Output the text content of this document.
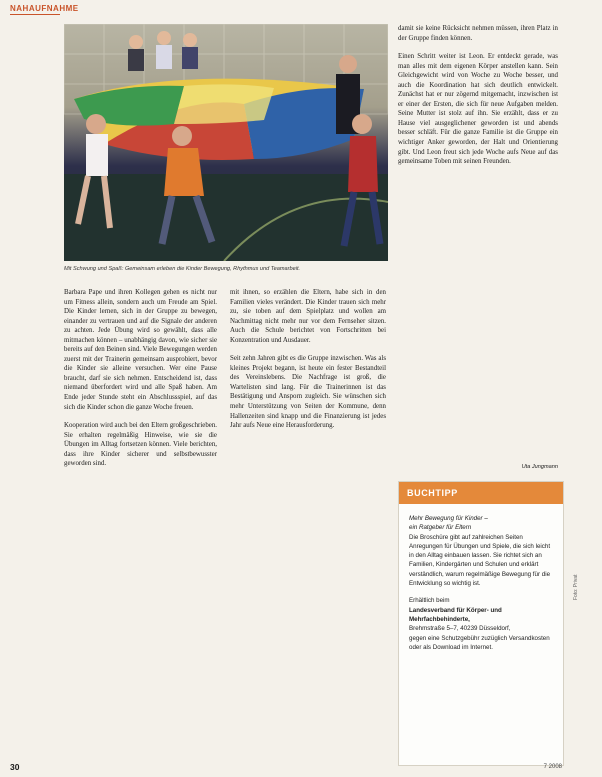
NAHAUFNAHME
Mit Schwung und Spaß: Gemeinsam erleben die Kinder Bewegung, Rhythmus und Teamarbeit.

Barbara Pape und ihren Kollegen gehen es nicht nur um Fitness allein, sondern auch um Freude am Spiel. Die Kinder lernen, sich in der Gruppe zu bewegen, einander zu vertrauen und auf die Signale der anderen zu achten. Jede Übung wird so gewählt, dass alle mitmachen können – unabhängig davon, wie sicher sie bereits auf den Beinen sind. Viele Bewegungen werden zuerst mit der Trainerin gemeinsam ausprobiert, bevor die Kinder sie alleine versuchen. Wer eine Pause braucht, darf sie sich nehmen. Entscheidend ist, dass niemand überfordert wird und alle Spaß haben. Am Ende jeder Stunde steht ein Abschlussspiel, auf das sich die Kinder schon die ganze Woche freuen.

Kooperation wird auch bei den Eltern großgeschrieben. Sie erhalten regelmäßig Hinweise, wie sie die Übungen im Alltag fortsetzen können. Viele berichten, dass ihre Kinder sicherer und selbstbewusster geworden sind.

mit ihnen, so erzählen die Eltern, habe sich in den Familien vieles verändert. Die Kinder trauen sich mehr zu, sie toben auf dem Spielplatz und wollen am Nachmittag nicht mehr nur vor dem Fernseher sitzen. Auch die Schule berichtet von Fortschritten bei Konzentration und Ausdauer.

Seit zehn Jahren gibt es die Gruppe inzwischen. Was als kleines Projekt begann, ist heute ein fester Bestandteil des Vereinslebens. Die Nachfrage ist groß, die Wartelisten sind lang. Für die Trainerinnen ist das Bestätigung und Ansporn zugleich. Sie wünschen sich mehr Unterstützung von Seiten der Kommune, denn Hallenzeiten sind knapp und die Finanzierung ist jedes Jahr aufs Neue eine Herausforderung.

damit sie keine Rücksicht nehmen müssen, ihren Platz in der Gruppe finden können.

Einen Schritt weiter ist Leon. Er entdeckt gerade, was man alles mit dem eigenen Körper anstellen kann. Sein Gleichgewicht wird von Woche zu Woche besser, und auch die Koordination hat sich deutlich entwickelt. Zunächst hat er nur zögernd mitgemacht, inzwischen ist er einer der Ersten, die sich für neue Aufgaben melden. Seine Mutter ist stolz auf ihn. Sie erzählt, dass er zu Hause viel ausgeglichener geworden ist und abends besser schläft. Für die ganze Familie ist die Gruppe ein wichtiger Anker geworden, der Halt und Orientierung gibt. Und Leon freut sich jede Woche aufs Neue auf das gemeinsame Toben mit seinen Freunden.

Uta Jungmann
BUCHTIPP
Mehr Bewegung für Kinder –
ein Ratgeber für Eltern
Die Broschüre gibt auf zahlreichen Seiten Anregungen für Übungen und Spiele, die sich leicht in den Alltag einbauen lassen. Sie richtet sich an Familien, Kindergärten und Schulen und erklärt verständlich, warum regelmäßige Bewegung für die Entwicklung so wichtig ist.
Erhältlich beim
Landesverband für Körper- und Mehrfachbehinderte,
Brehmstraße 5–7, 40239 Düsseldorf,
gegen eine Schutzgebühr zuzüglich Versandkosten
oder als Download im Internet.
Foto: Privat
30	7 2008
